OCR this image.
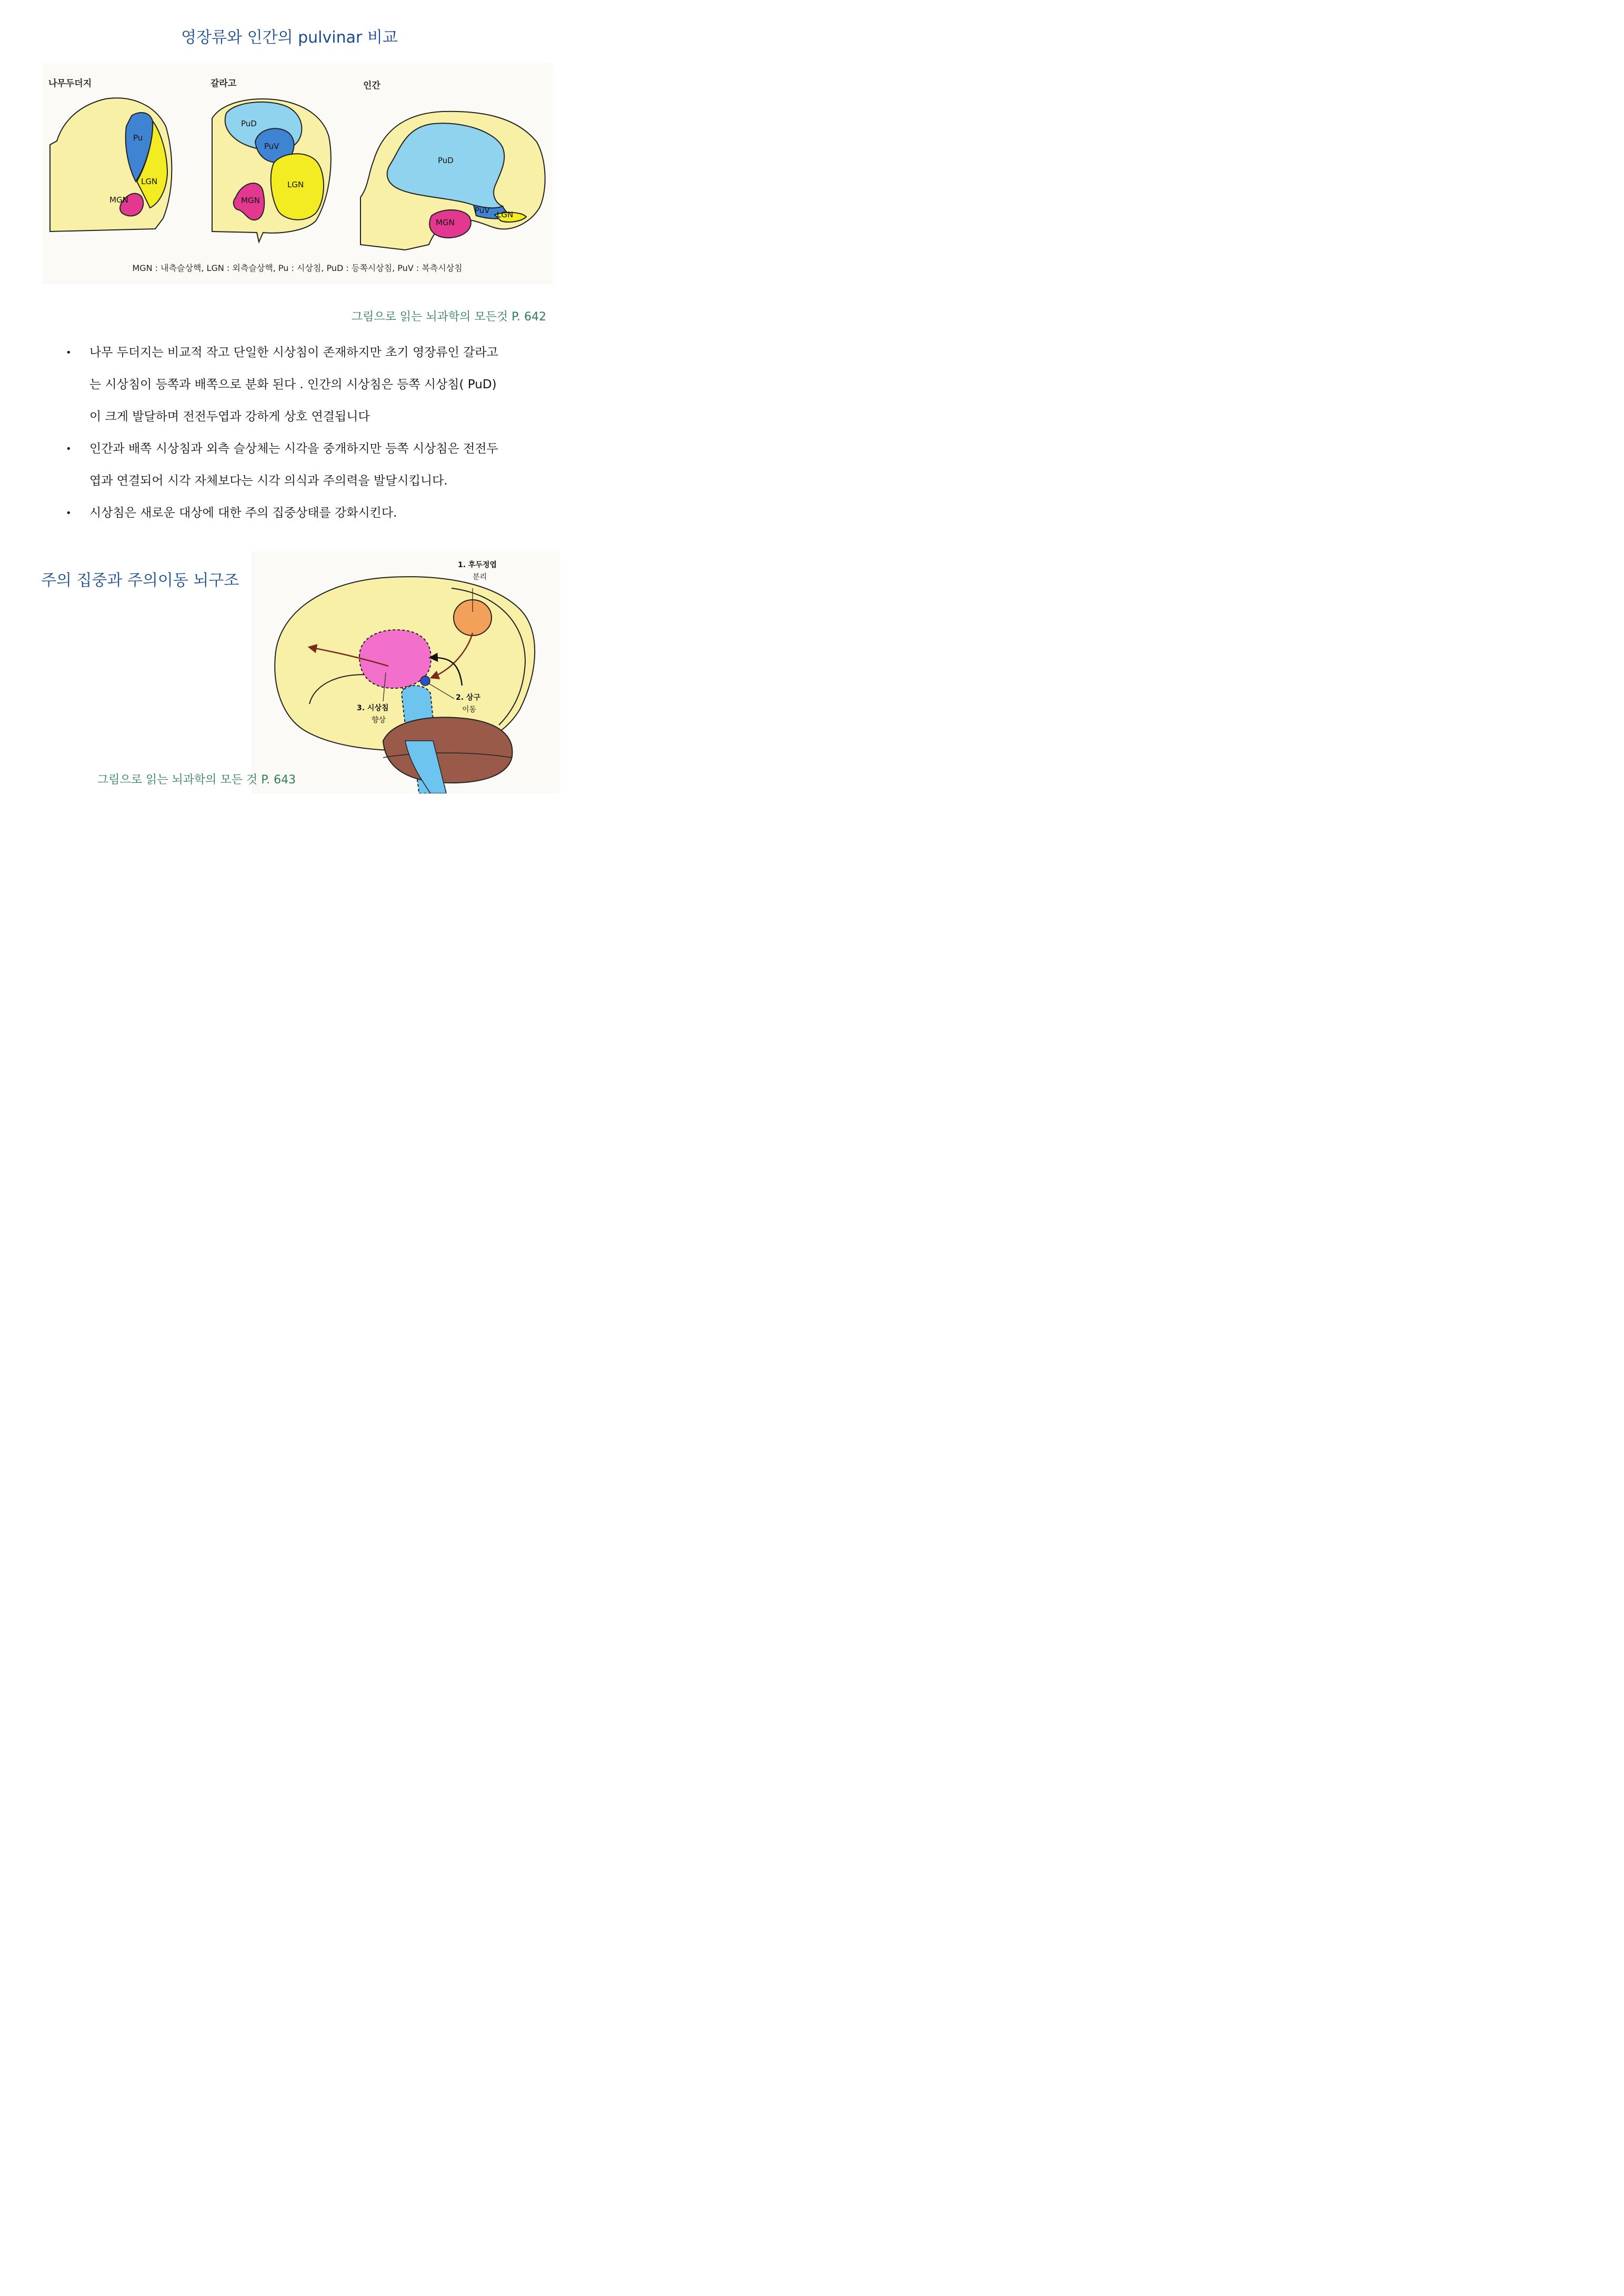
영장류와 인간의 pulvinar 비교
나무두더지
Pu
LGN
MGN
갈라고
PuD
PuV
LGN
MGN
인간
PuD
PuV LGN
MGN
MGN : 내측슬상핵, LGN : 외측슬상핵, Pu : 시상침, PuD : 등쪽시상침, PuV : 복측시상침
그림으로 읽는 뇌과학의 모든것 P. 642
• 나무 두더지는 비교적 작고 단일한 시상침이 존재하지만 초기 영장류인 갈라고
는 시상침이 등쪽과 배쪽으로 분화 된다 . 인간의 시상침은 등쪽 시상침( PuD)
이 크게 발달하며 전전두엽과 강하게 상호 연결됩니다
• 인간과 배쪽 시상침과 외측 슬상체는 시각을 중개하지만 등쪽 시상침은 전전두
엽과 연결되어 시각 자체보다는 시각 의식과 주의력을 발달시킵니다.
• 시상침은 새로운 대상에 대한 주의 집중상태를 강화시킨다.
주의 집중과 주의이동 뇌구조
1. 후두정엽
분리
2. 상구
이동
3. 시상침
향상
그림으로 읽는 뇌과학의 모든 것 P. 643
